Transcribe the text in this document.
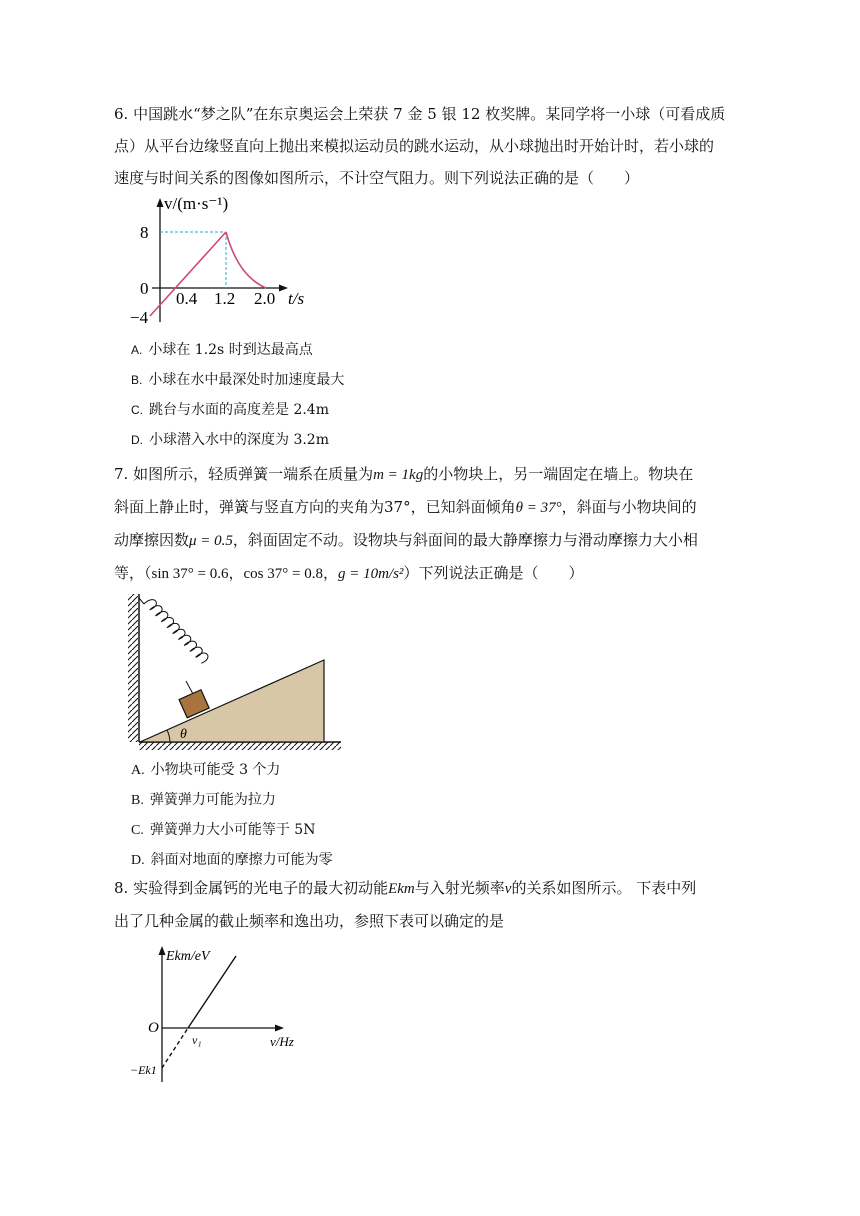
6. 中国跳水“梦之队”在东京奥运会上荣获 7 金 5 银 12 枚奖牌。某同学将一小球（可看成质

点）从平台边缘竖直向上抛出来模拟运动员的跳水运动，从小球抛出时开始计时，若小球的

速度与时间关系的图像如图所示，不计空气阻力。则下列说法正确的是（　　）

v/(m·s⁻¹)
8
0
−4
0.4 1.2 2.0 t/s
A. 小球在 1.2s 时到达最高点
B. 小球在水中最深处时加速度最大
C. 跳台与水面的高度差是 2.4m
D. 小球潜入水中的深度为 3.2m

7. 如图所示，轻质弹簧一端系在质量为m = 1kg的小物块上，另一端固定在墙上。物块在

斜面上静止时，弹簧与竖直方向的夹角为37°，已知斜面倾角θ = 37°，斜面与小物块间的

动摩擦因数μ = 0.5，斜面固定不动。设物块与斜面间的最大静摩擦力与滑动摩擦力大小相

等，（sin 37° = 0.6，cos 37° = 0.8，g = 10m/s²）下列说法正确是（　　）

θ
A. 小物块可能受 3 个力
B. 弹簧弹力可能为拉力
C. 弹簧弹力大小可能等于 5N
D. 斜面对地面的摩擦力可能为零

8. 实验得到金属钙的光电子的最大初动能Ekm与入射光频率ν的关系如图所示。 下表中列

出了几种金属的截止频率和逸出功，参照下表可以确定的是

Ekm/eV
O
ν₁	ν/Hz
−Ek1
